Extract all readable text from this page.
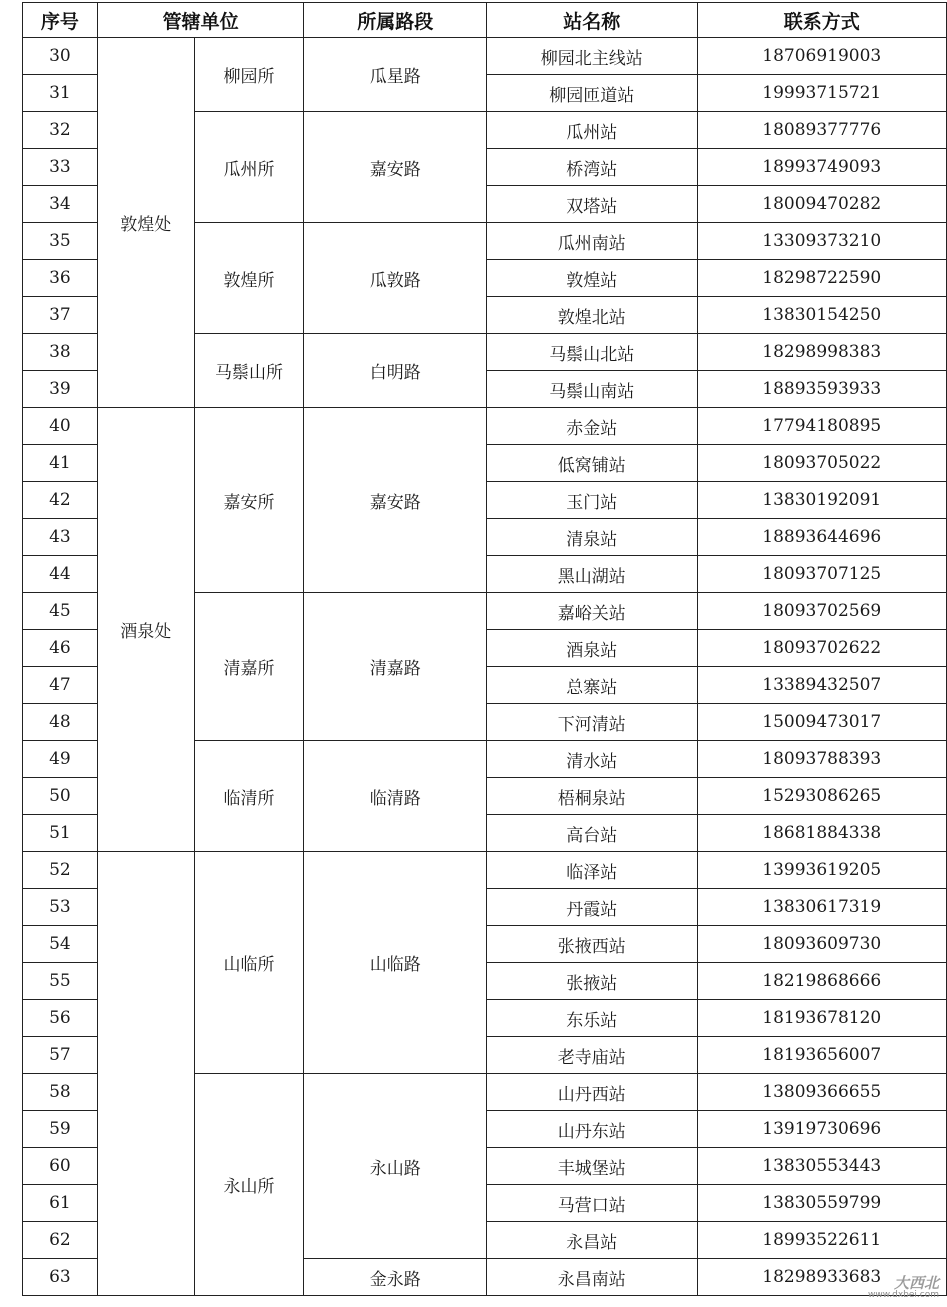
序号	管辖单位		所属路段	站名称	联系方式
30	敦煌处	柳园所	瓜星路	柳园北主线站	18706919003
31				柳园匝道站	19993715721
32		瓜州所	嘉安路	瓜州站	18089377776
33				桥湾站	18993749093
34				双塔站	18009470282
35		敦煌所	瓜敦路	瓜州南站	13309373210
36				敦煌站	18298722590
37				敦煌北站	13830154250
38		马鬃山所	白明路	马鬃山北站	18298998383
39				马鬃山南站	18893593933
40	酒泉处	嘉安所	嘉安路	赤金站	17794180895
41				低窝铺站	18093705022
42				玉门站	13830192091
43				清泉站	18893644696
44				黑山湖站	18093707125
45		清嘉所	清嘉路	嘉峪关站	18093702569
46				酒泉站	18093702622
47				总寨站	13389432507
48				下河清站	15009473017
49		临清所	临清路	清水站	18093788393
50				梧桐泉站	15293086265
51				高台站	18681884338
52		山临所	山临路	临泽站	13993619205
53				丹霞站	13830617319
54				张掖西站	18093609730
55				张掖站	18219868666
56				东乐站	18193678120
57				老寺庙站	18193656007
58		永山所	永山路	山丹西站	13809366655
59				山丹东站	13919730696
60				丰城堡站	13830553443
61				马营口站	13830559799
62				永昌站	18993522611
63			金永路	永昌南站	18298933683 大西北
www.dxbei.com
